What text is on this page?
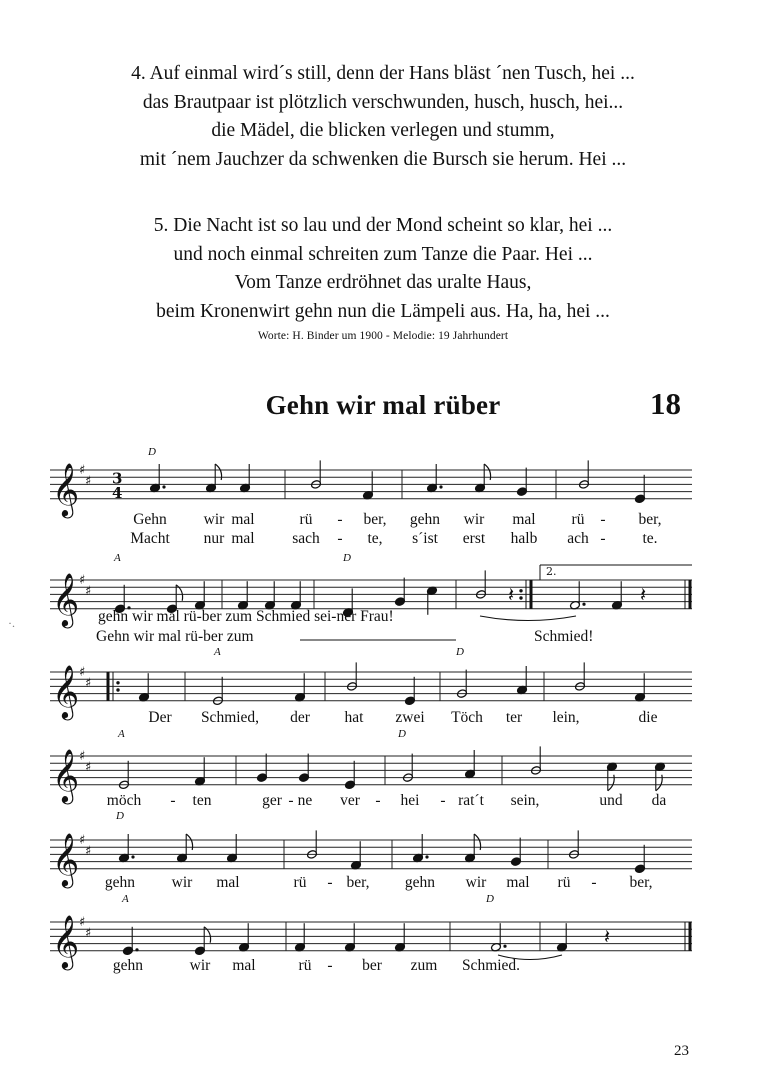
4. Auf einmal wird´s still, denn der Hans bläst ´nen Tusch, hei ...
das Brautpaar ist plötzlich verschwunden, husch, husch, hei...
die Mädel, die blicken verlegen und stumm,
mit ´nem Jauchzer da schwenken die Bursch sie herum. Hei ...
5. Die Nacht ist so lau und der Mond scheint so klar, hei ...
und noch einmal schreiten zum Tanze die Paar. Hei ...
Vom Tanze erdröhnet das uralte Haus,
beim Kronenwirt gehn nun die Lämpeli aus. Ha, ha, hei ...
Worte: H. Binder um 1900 - Melodie: 19 Jahrhundert
Gehn wir mal rüber	18
·.
𝄞 ♯
♯ 3
4
𝄞 ♯
♯	𝄽
2.
𝄽
𝄞 ♯
♯
𝄞 ♯
♯
𝄞 ♯
♯
𝄞 ♯
♯	𝄽
D
Gehn wir mal	rü - ber, gehn wir mal rü - ber,
Macht nur mal sach - te, s´ist erst halb ach - te.
A	D
gehn wir mal rü-ber zum Schmied sei-ner Frau!
Gehn wir mal rü-ber zum	Schmied!
A	D
Der Schmied, der hat zwei Töch ter lein,	die
A	D
möch - ten	ger - ne ver - hei - rat´t sein,	und da
D
gehn wir mal	rü - ber, gehn wir mal rü - ber,
A	D
gehn	wir mal	rü - ber zum Schmied.
23
